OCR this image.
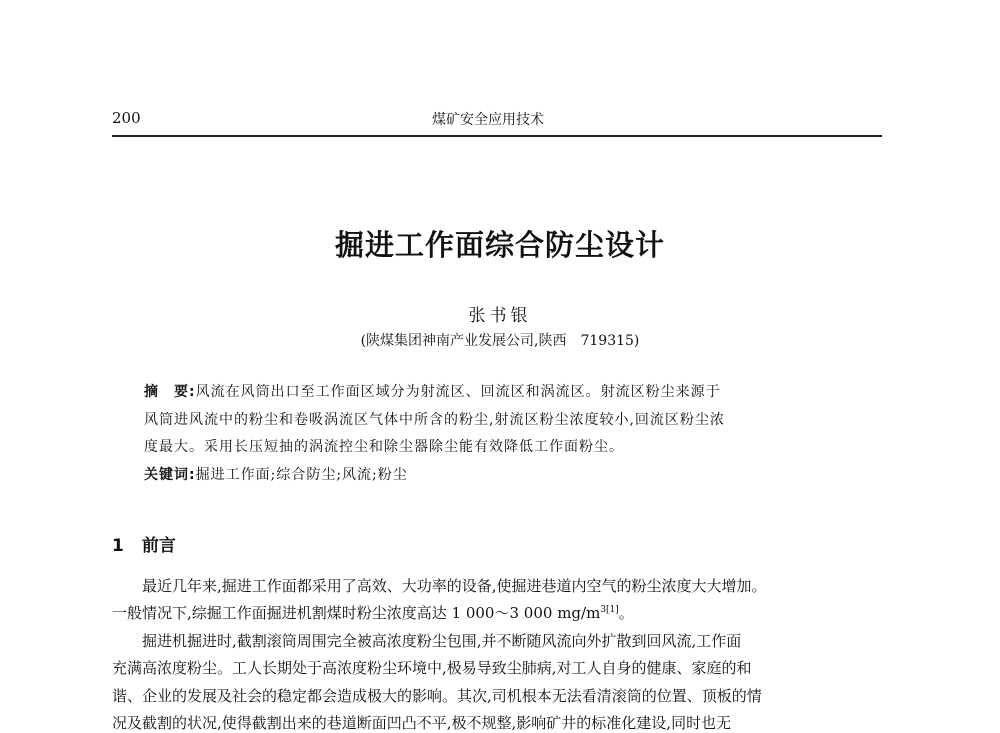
200	煤矿安全应用技术
掘进工作面综合防尘设计
张书银
(陕煤集团神南产业发展公司,陕西　719315)
摘　要:风流在风筒出口至工作面区域分为射流区、回流区和涡流区。射流区粉尘来源于
风筒进风流中的粉尘和卷吸涡流区气体中所含的粉尘,射流区粉尘浓度较小,回流区粉尘浓
度最大。采用长压短抽的涡流控尘和除尘器除尘能有效降低工作面粉尘。
关键词:掘进工作面;综合防尘;风流;粉尘
1 前言
最近几年来,掘进工作面都采用了高效、大功率的设备,使掘进巷道内空气的粉尘浓度大大增加。
一般情况下,综掘工作面掘进机割煤时粉尘浓度高达 1 000～3 000 $mg/m^{3[1]}$。
掘进机掘进时,截割滚筒周围完全被高浓度粉尘包围,并不断随风流向外扩散到回风流,工作面
充满高浓度粉尘。工人长期处于高浓度粉尘环境中,极易导致尘肺病,对工人自身的健康、家庭的和
谐、企业的发展及社会的稳定都会造成极大的影响。其次,司机根本无法看清滚筒的位置、顶板的情
况及截割的状况,使得截割出来的巷道断面凹凸不平,极不规整,影响矿井的标准化建设,同时也无
